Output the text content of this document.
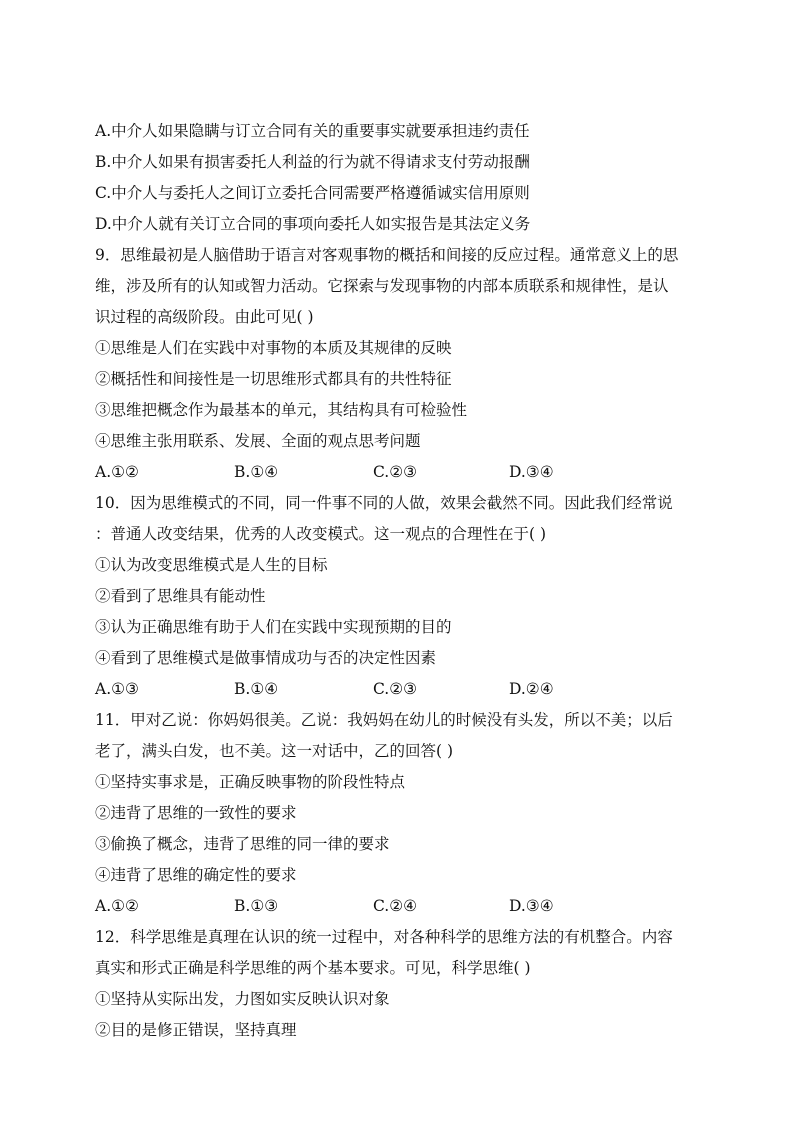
A.中介人如果隐瞒与订立合同有关的重要事实就要承担违约责任
B.中介人如果有损害委托人利益的行为就不得请求支付劳动报酬
C.中介人与委托人之间订立委托合同需要严格遵循诚实信用原则
D.中介人就有关订立合同的事项向委托人如实报告是其法定义务
9．思维最初是人脑借助于语言对客观事物的概括和间接的反应过程。通常意义上的思
维，涉及所有的认知或智力活动。它探索与发现事物的内部本质联系和规律性，是认
识过程的高级阶段。由此可见( )
①思维是人们在实践中对事物的本质及其规律的反映
②概括性和间接性是一切思维形式都具有的共性特征
③思维把概念作为最基本的单元，其结构具有可检验性
④思维主张用联系、发展、全面的观点思考问题
A.①②	B.①④	C.②③	D.③④
10．因为思维模式的不同，同一件事不同的人做，效果会截然不同。因此我们经常说
：普通人改变结果，优秀的人改变模式。这一观点的合理性在于( )
①认为改变思维模式是人生的目标
②看到了思维具有能动性
③认为正确思维有助于人们在实践中实现预期的目的
④看到了思维模式是做事情成功与否的决定性因素
A.①③	B.①④	C.②③	D.②④
11．甲对乙说：你妈妈很美。乙说：我妈妈在幼儿的时候没有头发，所以不美；以后
老了，满头白发，也不美。这一对话中，乙的回答( )
①坚持实事求是，正确反映事物的阶段性特点
②违背了思维的一致性的要求
③偷换了概念，违背了思维的同一律的要求
④违背了思维的确定性的要求
A.①②	B.①③	C.②④	D.③④
12．科学思维是真理在认识的统一过程中，对各种科学的思维方法的有机整合。内容
真实和形式正确是科学思维的两个基本要求。可见，科学思维( )
①坚持从实际出发，力图如实反映认识对象
②目的是修正错误，坚持真理
